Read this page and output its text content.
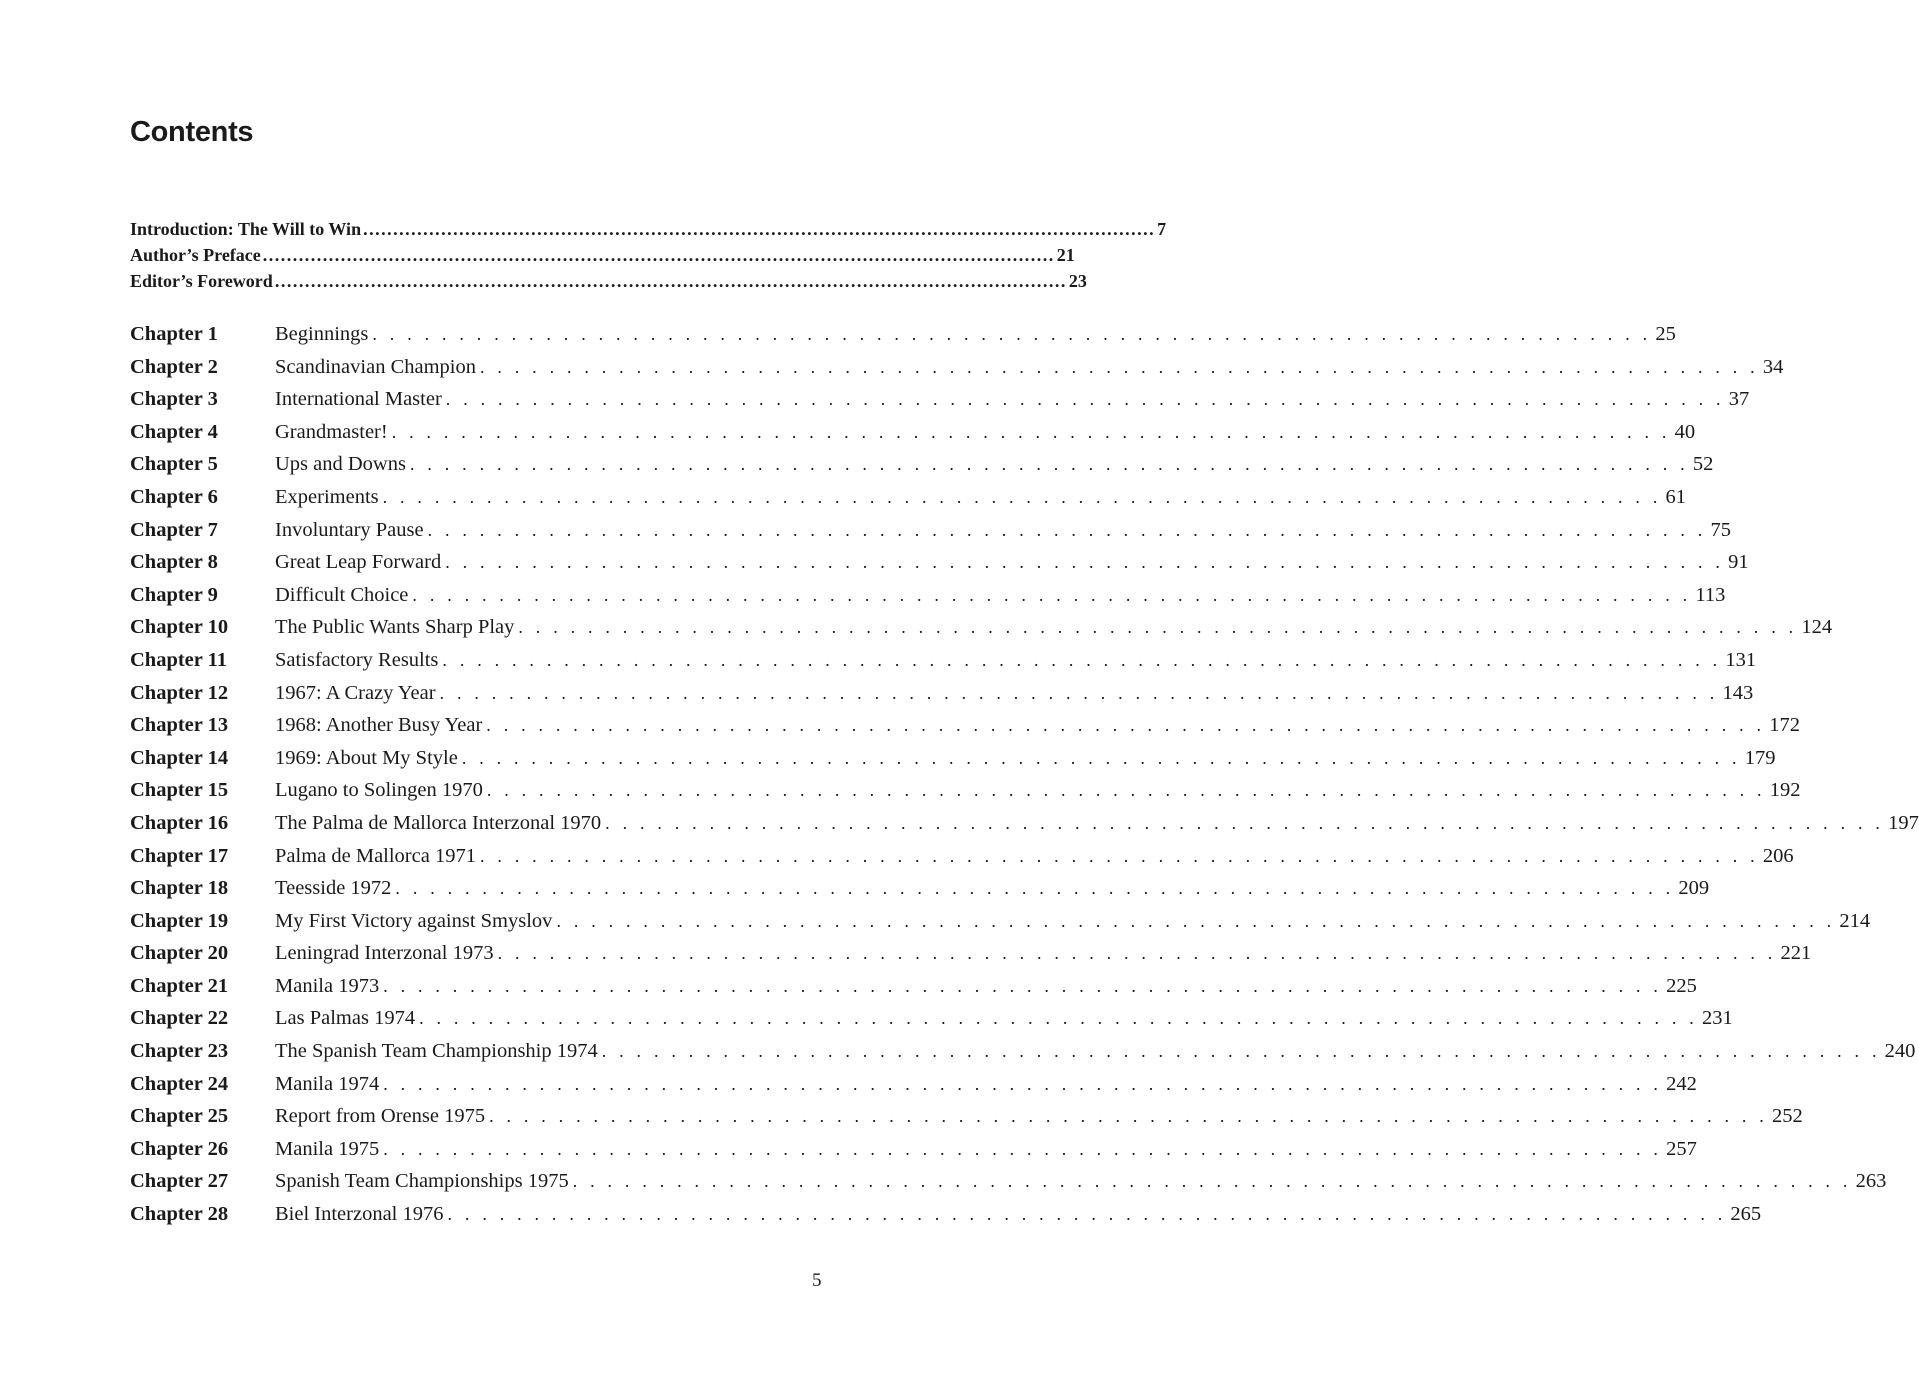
Contents
Introduction: The Will to Win .................................................................................................................................... 7
Author’s Preface .................................................................................................................................... 21
Editor’s Foreword .................................................................................................................................... 23
Chapter 1	Beginnings . . . . . . . . . . . . . . . . . . . . . . . . . . . . . . . . . . . . . . . . . . . . . . . . . . . . . . . . . . . . . . . . . . . . . . . . . . 25
Chapter 2	Scandinavian Champion . . . . . . . . . . . . . . . . . . . . . . . . . . . . . . . . . . . . . . . . . . . . . . . . . . . . . . . . . . . . . . . . . . . . . . . . . . 34
Chapter 3	International Master . . . . . . . . . . . . . . . . . . . . . . . . . . . . . . . . . . . . . . . . . . . . . . . . . . . . . . . . . . . . . . . . . . . . . . . . . . 37
Chapter 4	Grandmaster! . . . . . . . . . . . . . . . . . . . . . . . . . . . . . . . . . . . . . . . . . . . . . . . . . . . . . . . . . . . . . . . . . . . . . . . . . . 40
Chapter 5	Ups and Downs . . . . . . . . . . . . . . . . . . . . . . . . . . . . . . . . . . . . . . . . . . . . . . . . . . . . . . . . . . . . . . . . . . . . . . . . . . 52
Chapter 6	Experiments . . . . . . . . . . . . . . . . . . . . . . . . . . . . . . . . . . . . . . . . . . . . . . . . . . . . . . . . . . . . . . . . . . . . . . . . . . 61
Chapter 7	Involuntary Pause . . . . . . . . . . . . . . . . . . . . . . . . . . . . . . . . . . . . . . . . . . . . . . . . . . . . . . . . . . . . . . . . . . . . . . . . . . 75
Chapter 8	Great Leap Forward . . . . . . . . . . . . . . . . . . . . . . . . . . . . . . . . . . . . . . . . . . . . . . . . . . . . . . . . . . . . . . . . . . . . . . . . . . 91
Chapter 9	Difficult Choice . . . . . . . . . . . . . . . . . . . . . . . . . . . . . . . . . . . . . . . . . . . . . . . . . . . . . . . . . . . . . . . . . . . . . . . . . . 113
Chapter 10	The Public Wants Sharp Play . . . . . . . . . . . . . . . . . . . . . . . . . . . . . . . . . . . . . . . . . . . . . . . . . . . . . . . . . . . . . . . . . . . . . . . . . . 124
Chapter 11	Satisfactory Results . . . . . . . . . . . . . . . . . . . . . . . . . . . . . . . . . . . . . . . . . . . . . . . . . . . . . . . . . . . . . . . . . . . . . . . . . . 131
Chapter 12	1967: A Crazy Year . . . . . . . . . . . . . . . . . . . . . . . . . . . . . . . . . . . . . . . . . . . . . . . . . . . . . . . . . . . . . . . . . . . . . . . . . . 143
Chapter 13	1968: Another Busy Year . . . . . . . . . . . . . . . . . . . . . . . . . . . . . . . . . . . . . . . . . . . . . . . . . . . . . . . . . . . . . . . . . . . . . . . . . . 172
Chapter 14	1969: About My Style . . . . . . . . . . . . . . . . . . . . . . . . . . . . . . . . . . . . . . . . . . . . . . . . . . . . . . . . . . . . . . . . . . . . . . . . . . 179
Chapter 15	Lugano to Solingen 1970 . . . . . . . . . . . . . . . . . . . . . . . . . . . . . . . . . . . . . . . . . . . . . . . . . . . . . . . . . . . . . . . . . . . . . . . . . . 192
Chapter 16	The Palma de Mallorca Interzonal 1970 . . . . . . . . . . . . . . . . . . . . . . . . . . . . . . . . . . . . . . . . . . . . . . . . . . . . . . . . . . . . . . . . . . . . . . . . . . 197
Chapter 17	Palma de Mallorca 1971 . . . . . . . . . . . . . . . . . . . . . . . . . . . . . . . . . . . . . . . . . . . . . . . . . . . . . . . . . . . . . . . . . . . . . . . . . . 206
Chapter 18	Teesside 1972 . . . . . . . . . . . . . . . . . . . . . . . . . . . . . . . . . . . . . . . . . . . . . . . . . . . . . . . . . . . . . . . . . . . . . . . . . . 209
Chapter 19	My First Victory against Smyslov . . . . . . . . . . . . . . . . . . . . . . . . . . . . . . . . . . . . . . . . . . . . . . . . . . . . . . . . . . . . . . . . . . . . . . . . . . 214
Chapter 20	Leningrad Interzonal 1973 . . . . . . . . . . . . . . . . . . . . . . . . . . . . . . . . . . . . . . . . . . . . . . . . . . . . . . . . . . . . . . . . . . . . . . . . . . 221
Chapter 21	Manila 1973 . . . . . . . . . . . . . . . . . . . . . . . . . . . . . . . . . . . . . . . . . . . . . . . . . . . . . . . . . . . . . . . . . . . . . . . . . . 225
Chapter 22	Las Palmas 1974 . . . . . . . . . . . . . . . . . . . . . . . . . . . . . . . . . . . . . . . . . . . . . . . . . . . . . . . . . . . . . . . . . . . . . . . . . . 231
Chapter 23	The Spanish Team Championship 1974 . . . . . . . . . . . . . . . . . . . . . . . . . . . . . . . . . . . . . . . . . . . . . . . . . . . . . . . . . . . . . . . . . . . . . . . . . . 240
Chapter 24	Manila 1974 . . . . . . . . . . . . . . . . . . . . . . . . . . . . . . . . . . . . . . . . . . . . . . . . . . . . . . . . . . . . . . . . . . . . . . . . . . 242
Chapter 25	Report from Orense 1975 . . . . . . . . . . . . . . . . . . . . . . . . . . . . . . . . . . . . . . . . . . . . . . . . . . . . . . . . . . . . . . . . . . . . . . . . . . 252
Chapter 26	Manila 1975 . . . . . . . . . . . . . . . . . . . . . . . . . . . . . . . . . . . . . . . . . . . . . . . . . . . . . . . . . . . . . . . . . . . . . . . . . . 257
Chapter 27	Spanish Team Championships 1975 . . . . . . . . . . . . . . . . . . . . . . . . . . . . . . . . . . . . . . . . . . . . . . . . . . . . . . . . . . . . . . . . . . . . . . . . . . 263
Chapter 28	Biel Interzonal 1976 . . . . . . . . . . . . . . . . . . . . . . . . . . . . . . . . . . . . . . . . . . . . . . . . . . . . . . . . . . . . . . . . . . . . . . . . . . 265
5
